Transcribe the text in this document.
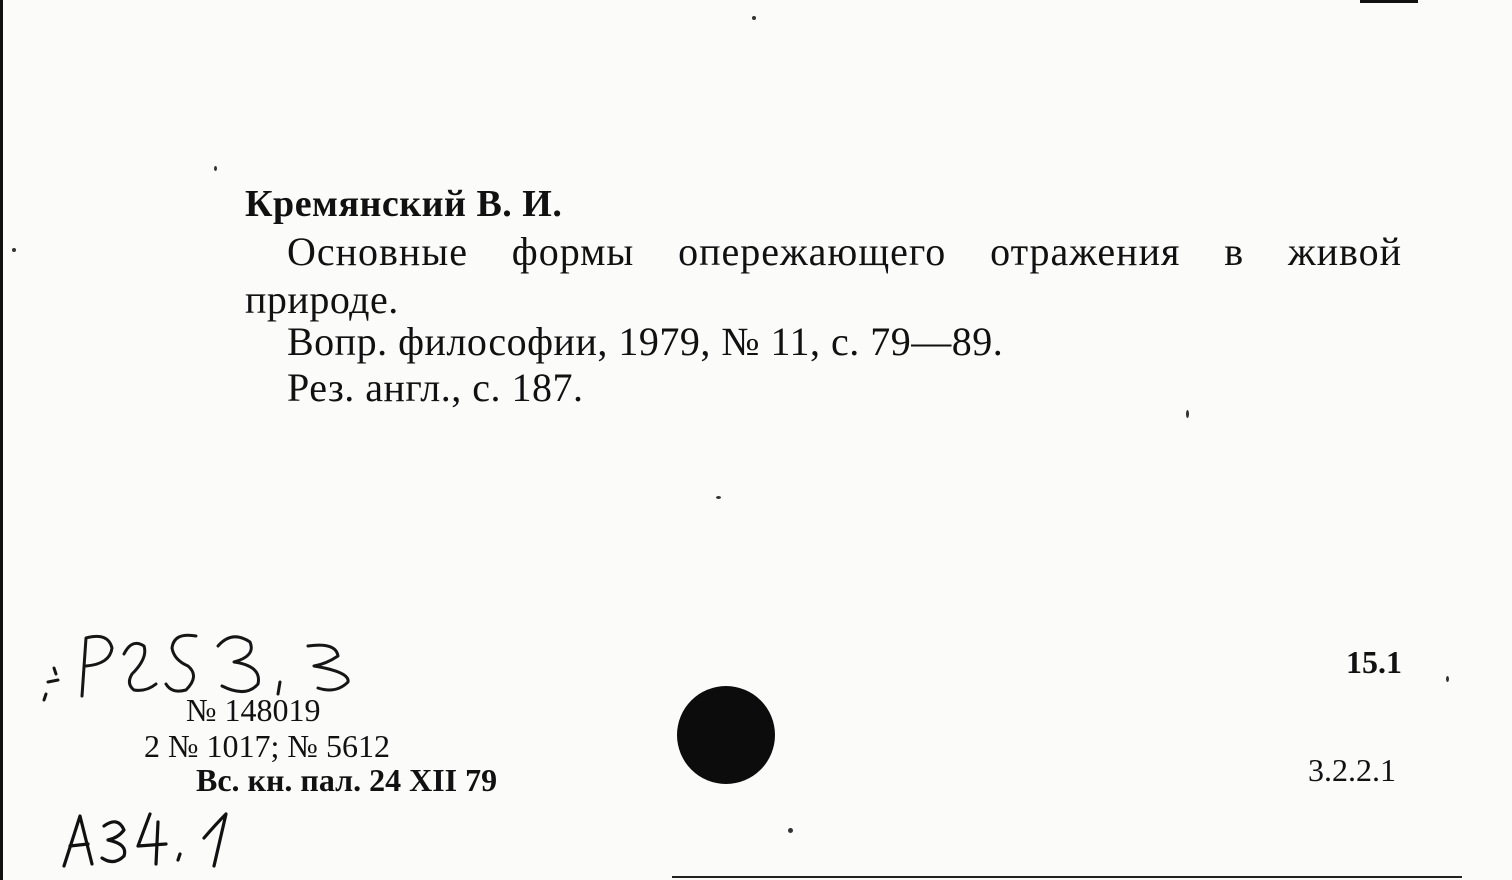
Кремянский В. И.
Основные формы опережающего отражения в живой
природе.
Вопр. философии, 1979, № 11, с. 79—89.
Рез. англ., с. 187.
№ 148019
2 № 1017; № 5612
Вс. кн. пал. 24 XII 79
15.1
3.2.2.1
